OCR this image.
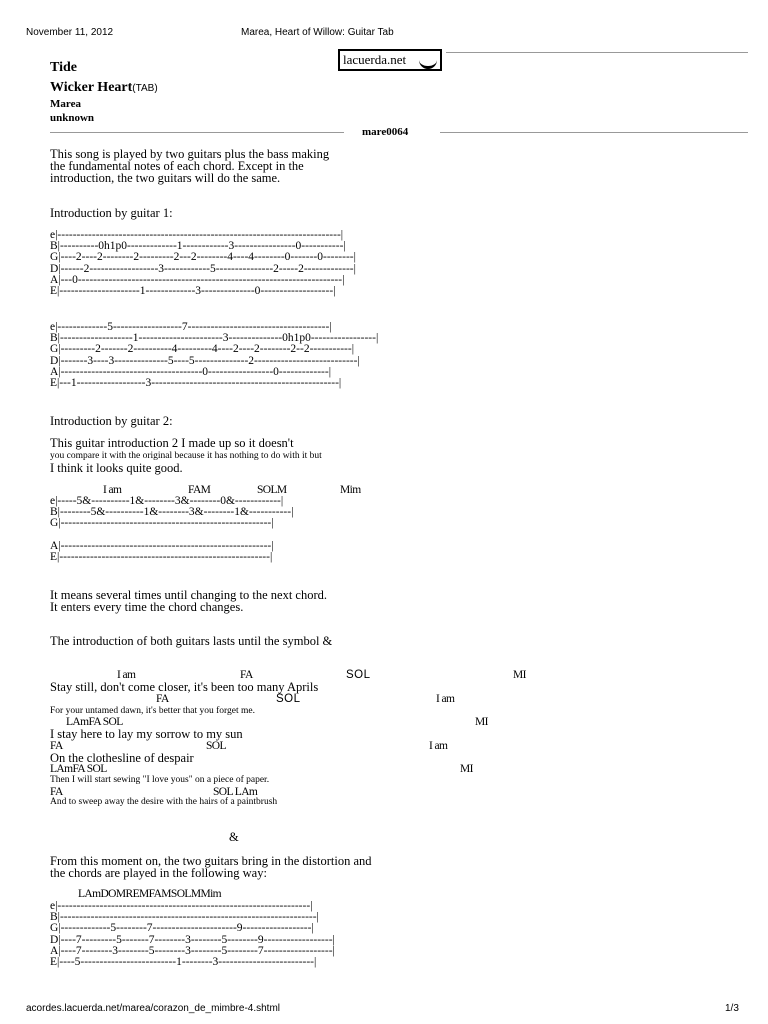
November 11, 2012	Marea, Heart of Willow: Guitar Tab
lacuerda.net
Tide
Wicker Heart(TAB)
Marea
unknown
mare0064
This song is played by two guitars plus the bass making
the fundamental notes of each chord. Except in the
introduction, the two guitars will do the same.
Introduction by guitar 1:
e|--------------------------------------------------------------------------|
B|----------0h1p0-------------1------------3----------------0-----------|
G|----2----2--------2---------2---2--------4----4--------0-------0--------|
D|------2------------------3------------5---------------2-----2-------------|
A|---0---------------------------------------------------------------------|
E|---------------------1-------------3--------------0-------------------|
e|-------------5------------------7-------------------------------------|
B|-------------------1----------------------3--------------0h1p0-----------------|
G|---------2-------2----------4---------4----2----2--------2--2-----------|
D|-------3----3--------------5----5--------------2---------------------------|
A|-------------------------------------0-----------------0-------------|
E|---1------------------3-------------------------------------------------|
Introduction by guitar 2:
This guitar introduction 2 I made up so it doesn't
you compare it with the original because it has nothing to do with it but
I think it looks quite good.
I am	FAM	SOLM	Mim
e|-----5&----------1&--------3&--------0&------------|
B|--------5&----------1&--------3&--------1&-----------|
G|-------------------------------------------------------|

A|-------------------------------------------------------|
E|-------------------------------------------------------|
It means several times until changing to the next chord.
It enters every time the chord changes.
The introduction of both guitars lasts until the symbol &
I am	FA	SOL	MI
Stay still, don't come closer, it's been too many Aprils
FA	SOL	I am
For your untamed dawn, it's better that you forget me.
LAmFA SOL	MI
I stay here to lay my sorrow to my sun
FA	SOL	I am
On the clothesline of despair
LAmFA SOL	MI
Then I will start sewing "I love yous" on a piece of paper.
FA	SOL LAm
And to sweep away the desire with the hairs of a paintbrush
&
From this moment on, the two guitars bring in the distortion and
the chords are played in the following way:
LAmDOMREMFAMSOLMMim
e|------------------------------------------------------------------|
B|-------------------------------------------------------------------|
G|-------------5--------7----------------------9------------------|
D|----7---------5-------7--------3--------5--------9------------------|
A|----7--------3--------5--------3--------5--------7------------------|
E|----5-------------------------1--------3-------------------------|
acordes.lacuerda.net/marea/corazon_de_mimbre-4.shtml	1/3
